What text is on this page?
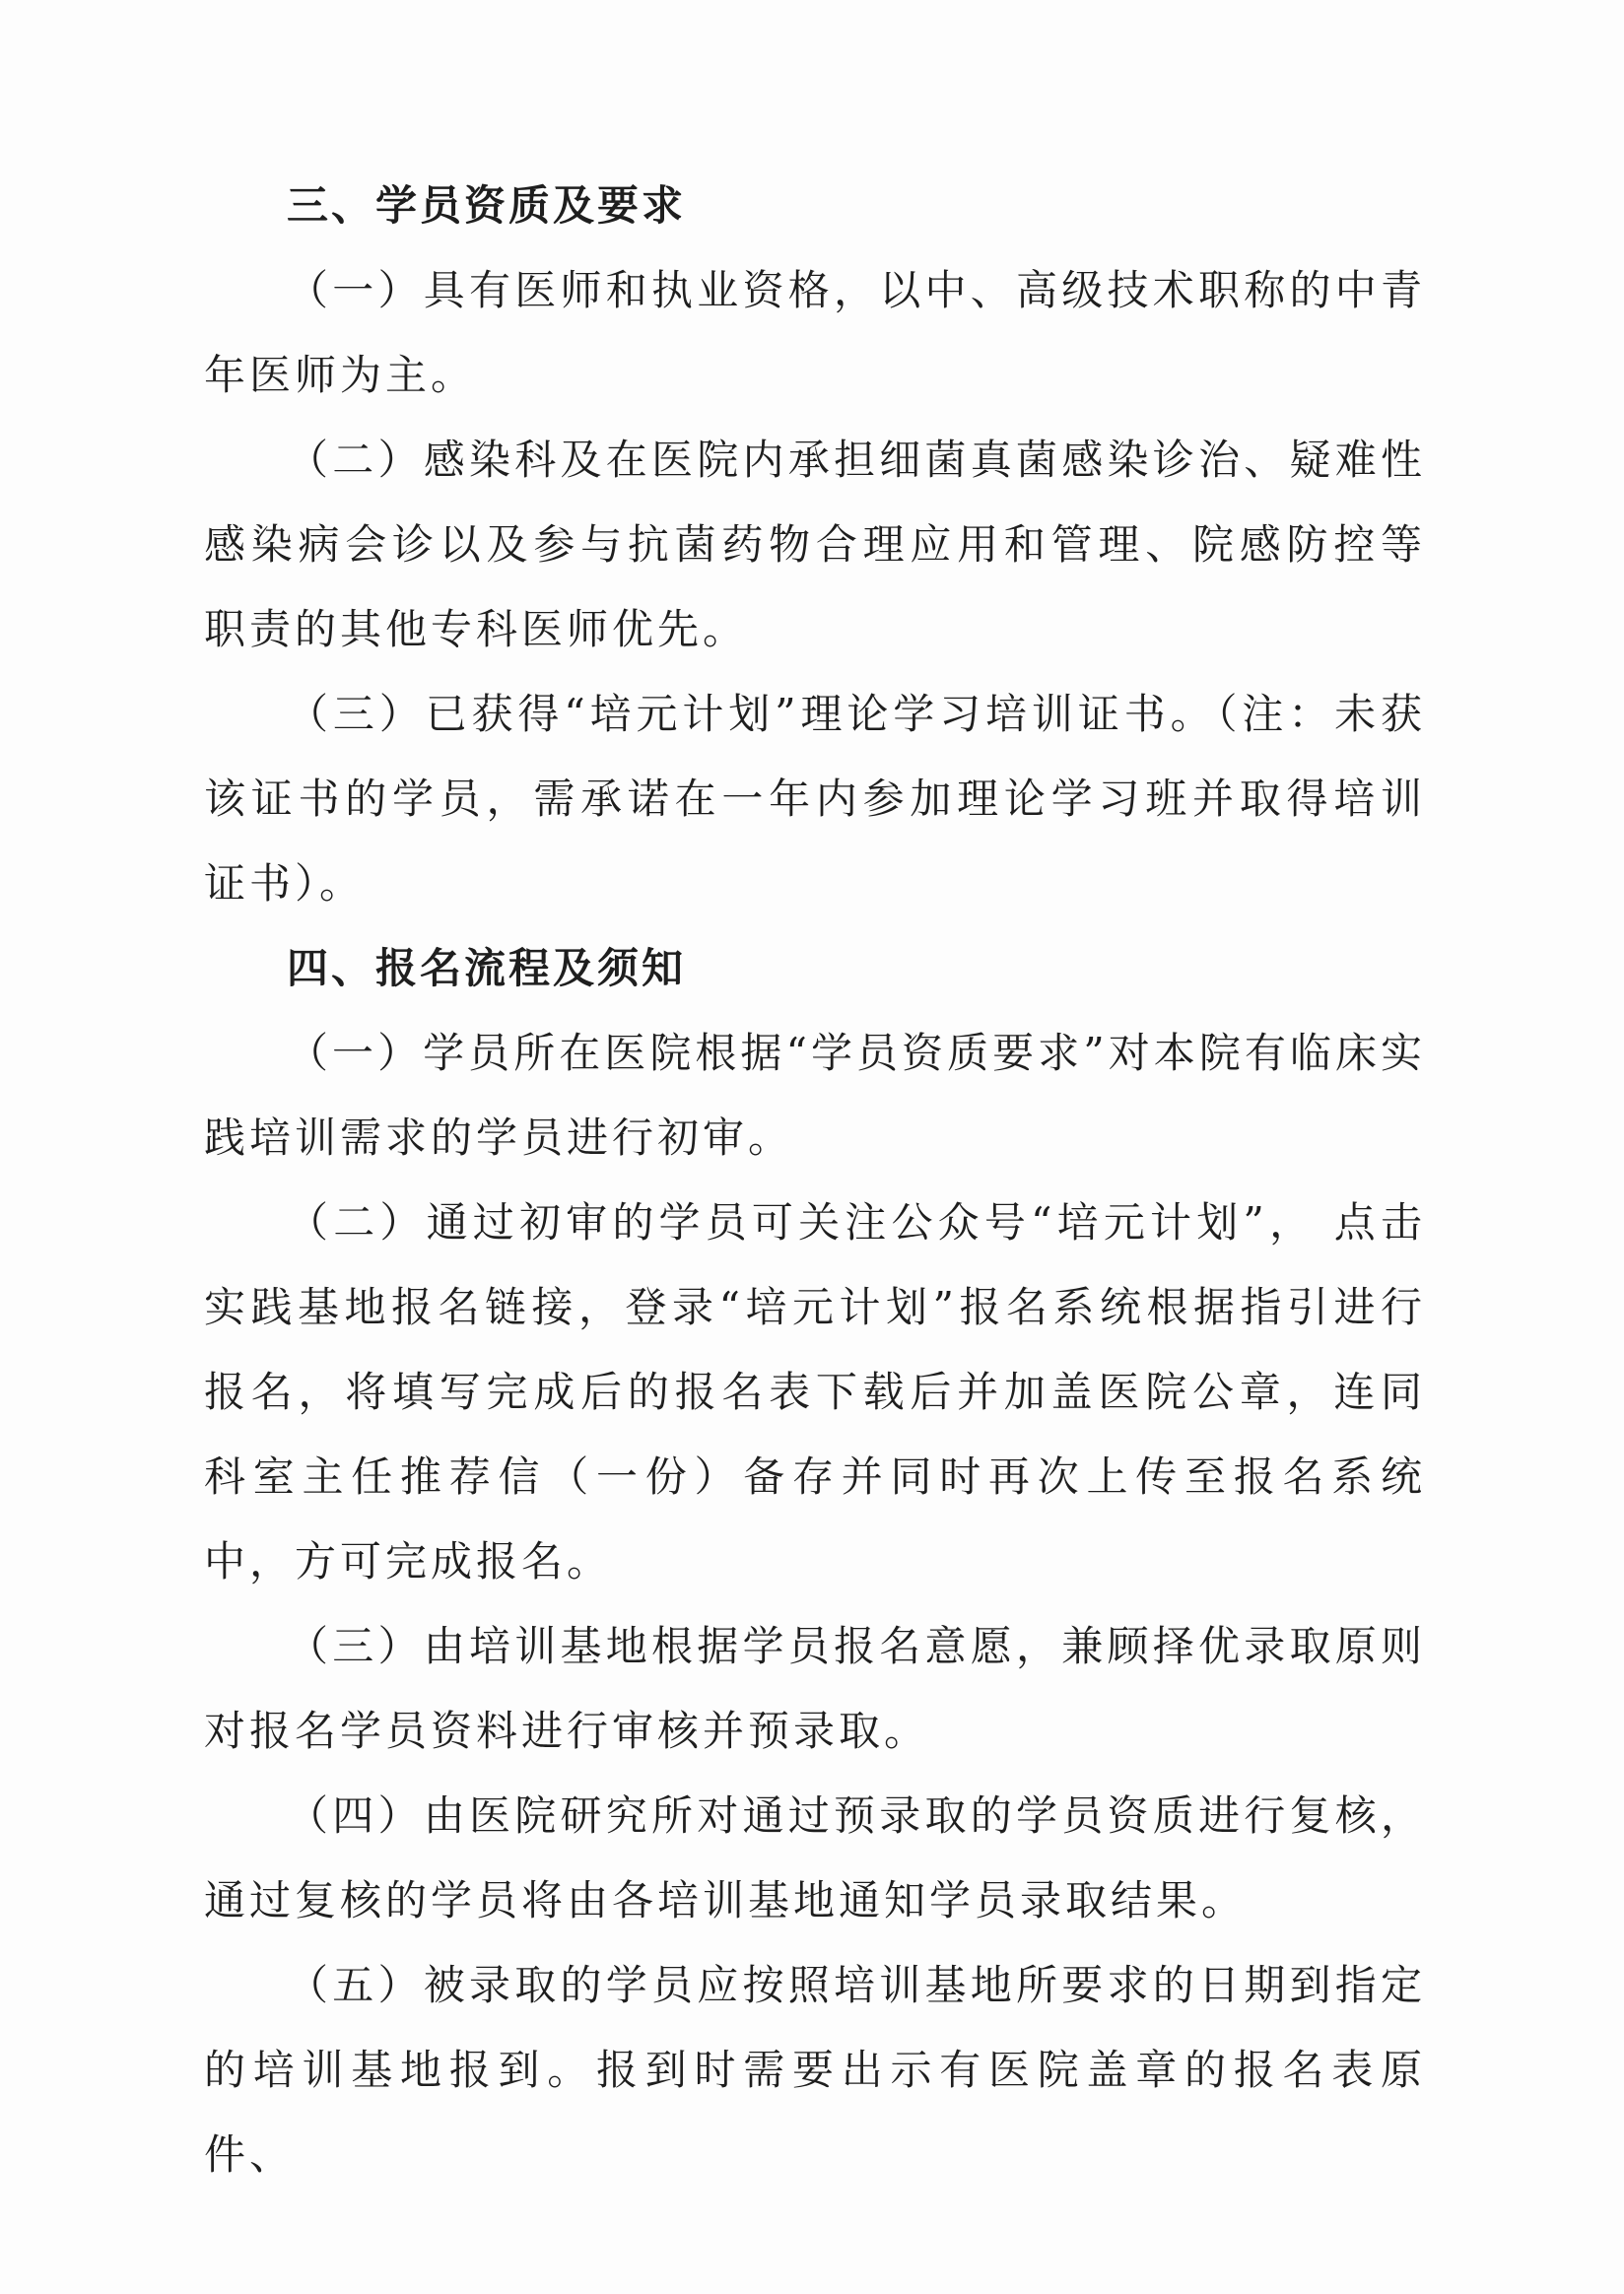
三、学员资质及要求

（一）具有医师和执业资格，以中、高级技术职称的中青年医师为主。

（二）感染科及在医院内承担细菌真菌感染诊治、疑难性感染病会诊以及参与抗菌药物合理应用和管理、院感防控等职责的其他专科医师优先。

（三）已获得“培元计划”理论学习培训证书。（注：未获该证书的学员，需承诺在一年内参加理论学习班并取得培训证书）。

四、报名流程及须知

（一）学员所在医院根据“学员资质要求”对本院有临床实践培训需求的学员进行初审。

（二）通过初审的学员可关注公众号“培元计划”， 点击实践基地报名链接，登录“培元计划”报名系统根据指引进行报名，将填写完成后的报名表下载后并加盖医院公章，连同科室主任推荐信（一份）备存并同时再次上传至报名系统中，方可完成报名。

（三）由培训基地根据学员报名意愿，兼顾择优录取原则对报名学员资料进行审核并预录取。

（四）由医院研究所对通过预录取的学员资质进行复核，通过复核的学员将由各培训基地通知学员录取结果。

（五）被录取的学员应按照培训基地所要求的日期到指定的培训基地报到。报到时需要出示有医院盖章的报名表原件、
